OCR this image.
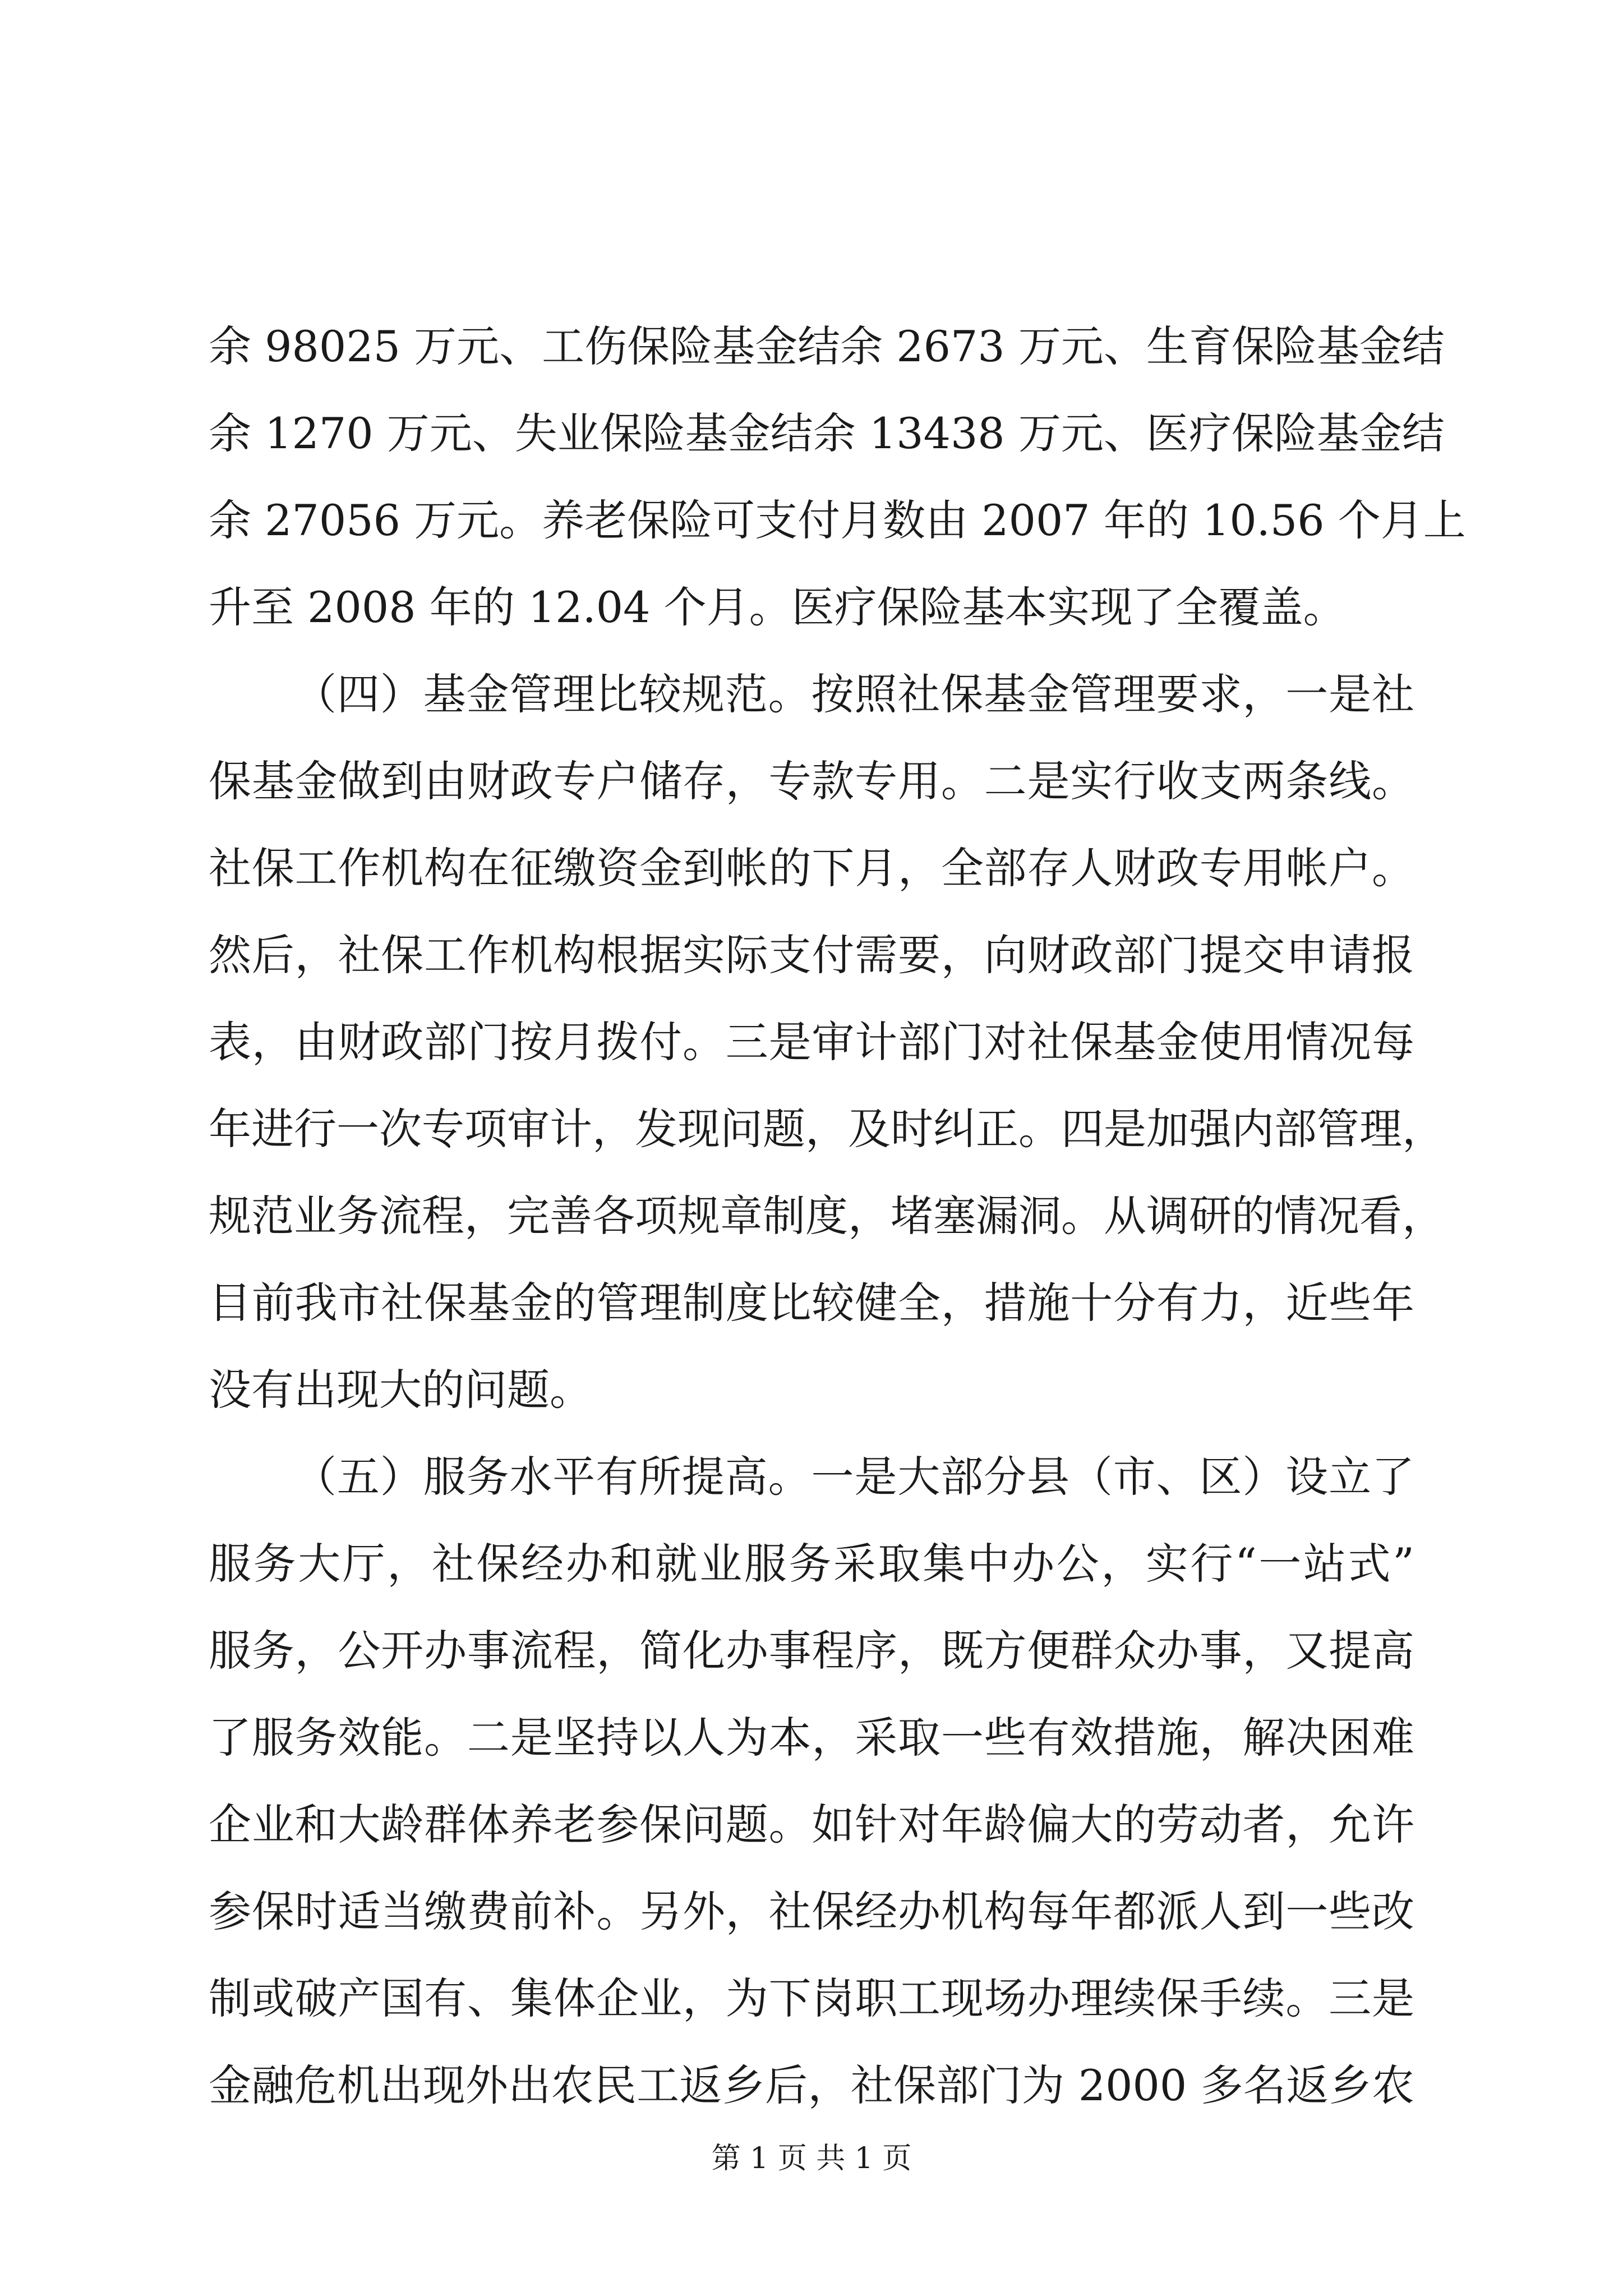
余 98025 万元、工伤保险基金结余 2673 万元、生育保险基金结
余 1270 万元、失业保险基金结余 13438 万元、医疗保险基金结
余 27056 万元。养老保险可支付月数由 2007 年的 10.56 个月上
升至 2008 年的 12.04 个月。医疗保险基本实现了全覆盖。
（四）基金管理比较规范。按照社保基金管理要求，一是社
保基金做到由财政专户储存，专款专用。二是实行收支两条线。
社保工作机构在征缴资金到帐的下月，全部存人财政专用帐户。
然后，社保工作机构根据实际支付需要，向财政部门提交申请报
表，由财政部门按月拨付。三是审计部门对社保基金使用情况每
年进行一次专项审计，发现问题，及时纠正。四是加强内部管理，
规范业务流程，完善各项规章制度，堵塞漏洞。从调研的情况看，
目前我市社保基金的管理制度比较健全，措施十分有力，近些年
没有出现大的问题。
（五）服务水平有所提高。一是大部分县（市、区）设立了
服务大厅，社保经办和就业服务采取集中办公，实行“一站式”
服务，公开办事流程，简化办事程序，既方便群众办事，又提高
了服务效能。二是坚持以人为本，采取一些有效措施，解决困难
企业和大龄群体养老参保问题。如针对年龄偏大的劳动者，允许
参保时适当缴费前补。另外，社保经办机构每年都派人到一些改
制或破产国有、集体企业，为下岗职工现场办理续保手续。三是
金融危机出现外出农民工返乡后，社保部门为 2000 多名返乡农
第 1 页 共 1 页
